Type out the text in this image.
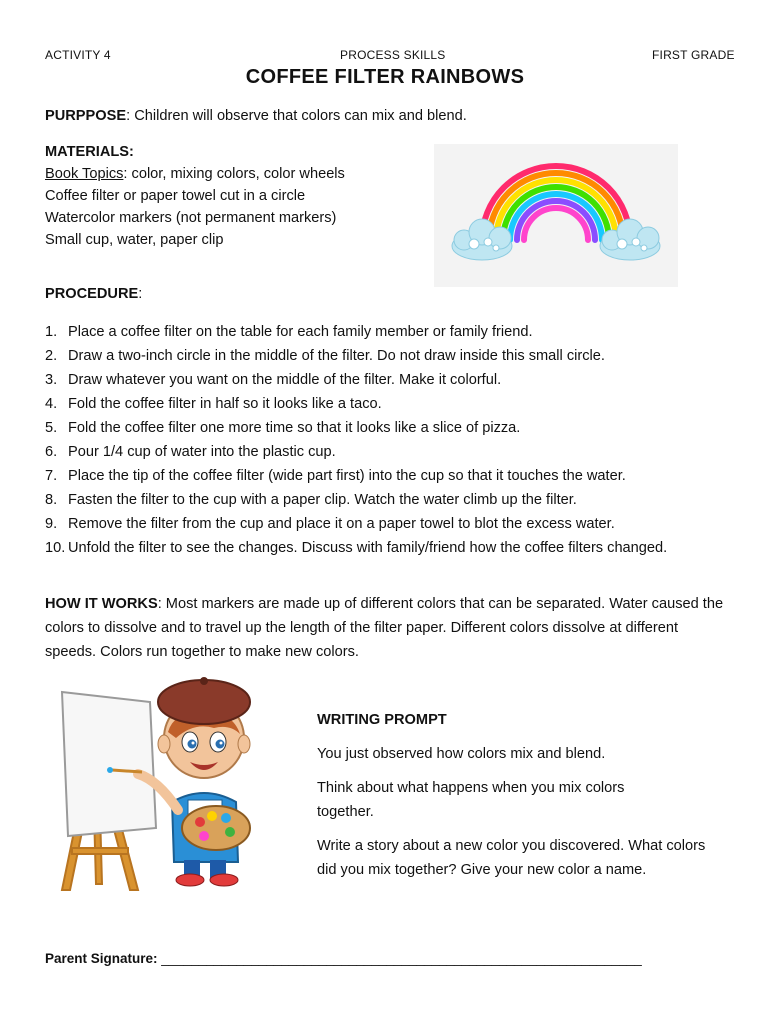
ACTIVITY 4	PROCESS SKILLS	FIRST GRADE
COFFEE FILTER RAINBOWS
PURPPOSE: Children will observe that colors can mix and blend.
MATERIALS:
Book Topics: color, mixing colors, color wheels
Coffee filter or paper towel cut in a circle
Watercolor markers (not permanent markers)
Small cup, water, paper clip
PROCEDURE:
1. Place a coffee filter on the table for each family member or family friend.
2. Draw a two-inch circle in the middle of the filter. Do not draw inside this small circle.
3. Draw whatever you want on the middle of the filter. Make it colorful.
4. Fold the coffee filter in half so it looks like a taco.
5. Fold the coffee filter one more time so that it looks like a slice of pizza.
6. Pour 1/4 cup of water into the plastic cup.
7. Place the tip of the coffee filter (wide part first) into the cup so that it touches the water.
8. Fasten the filter to the cup with a paper clip. Watch the water climb up the filter.
9. Remove the filter from the cup and place it on a paper towel to blot the excess water.
10. Unfold the filter to see the changes. Discuss with family/friend how the coffee filters changed.
HOW IT WORKS: Most markers are made up of different colors that can be separated. Water caused the colors to dissolve and to travel up the length of the filter paper. Different colors dissolve at different speeds. Colors run together to make new colors.
WRITING PROMPT
You just observed how colors mix and blend.
Think about what happens when you mix colors together.
Write a story about a new color you discovered. What colors did you mix together? Give your new color a name.
Parent Signature: ________________________________________________________________
